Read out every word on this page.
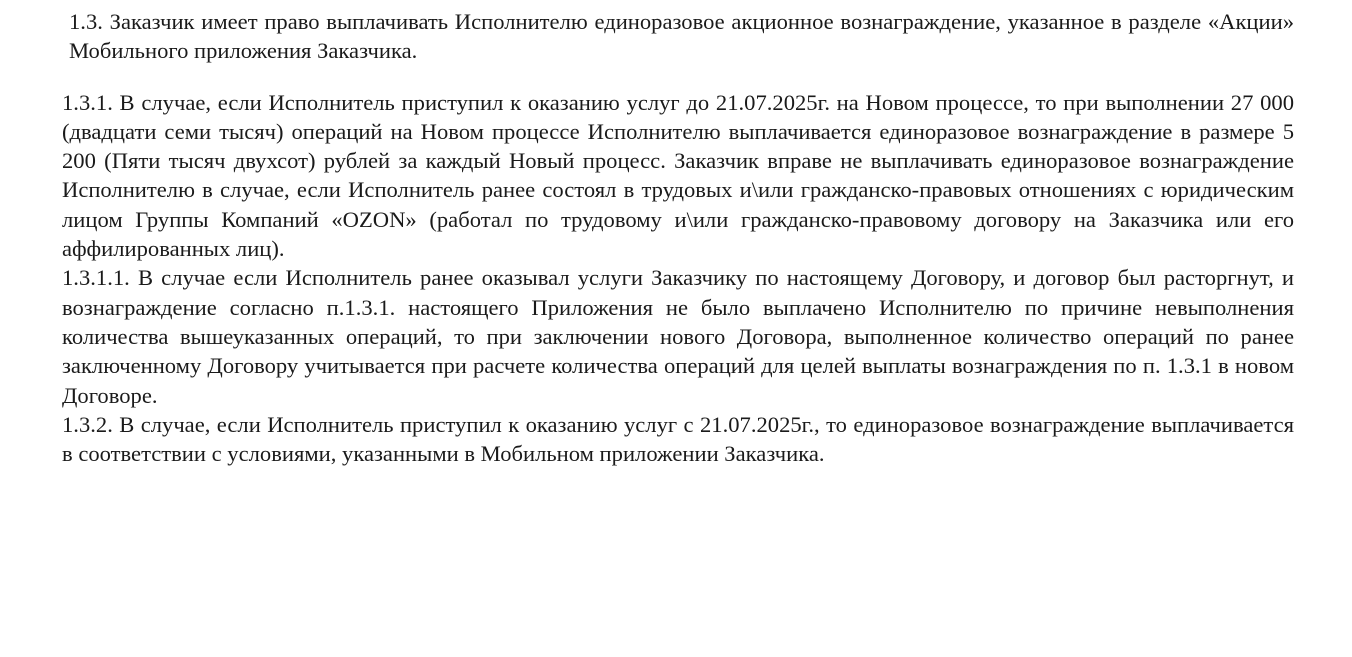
1.3. Заказчик имеет право выплачивать Исполнителю единоразовое акционное вознаграждение, указанное в разделе «Акции» Мобильного приложения Заказчика.

1.3.1. В случае, если Исполнитель приступил к оказанию услуг до 21.07.2025г. на Новом процессе, то при выполнении 27 000 (двадцати семи тысяч) операций на Новом процессе Исполнителю выплачивается единоразовое вознаграждение в размере 5 200 (Пяти тысяч двухсот) рублей за каждый Новый процесс. Заказчик вправе не выплачивать единоразовое вознаграждение Исполнителю в случае, если Исполнитель ранее состоял в трудовых и\или гражданско-правовых отношениях с юридическим лицом Группы Компаний «OZON» (работал по трудовому и\или гражданско-правовому договору на Заказчика или его аффилированных лиц).

1.3.1.1. В случае если Исполнитель ранее оказывал услуги Заказчику по настоящему Договору, и договор был расторгнут, и вознаграждение согласно п.1.3.1. настоящего Приложения не было выплачено Исполнителю по причине невыполнения количества вышеуказанных операций, то при заключении нового Договора, выполненное количество операций по ранее заключенному Договору учитывается при расчете количества операций для целей выплаты вознаграждения по п. 1.3.1 в новом Договоре.

1.3.2. В случае, если Исполнитель приступил к оказанию услуг с 21.07.2025г., то единоразовое вознаграждение выплачивается в соответствии с условиями, указанными в Мобильном приложении Заказчика.
